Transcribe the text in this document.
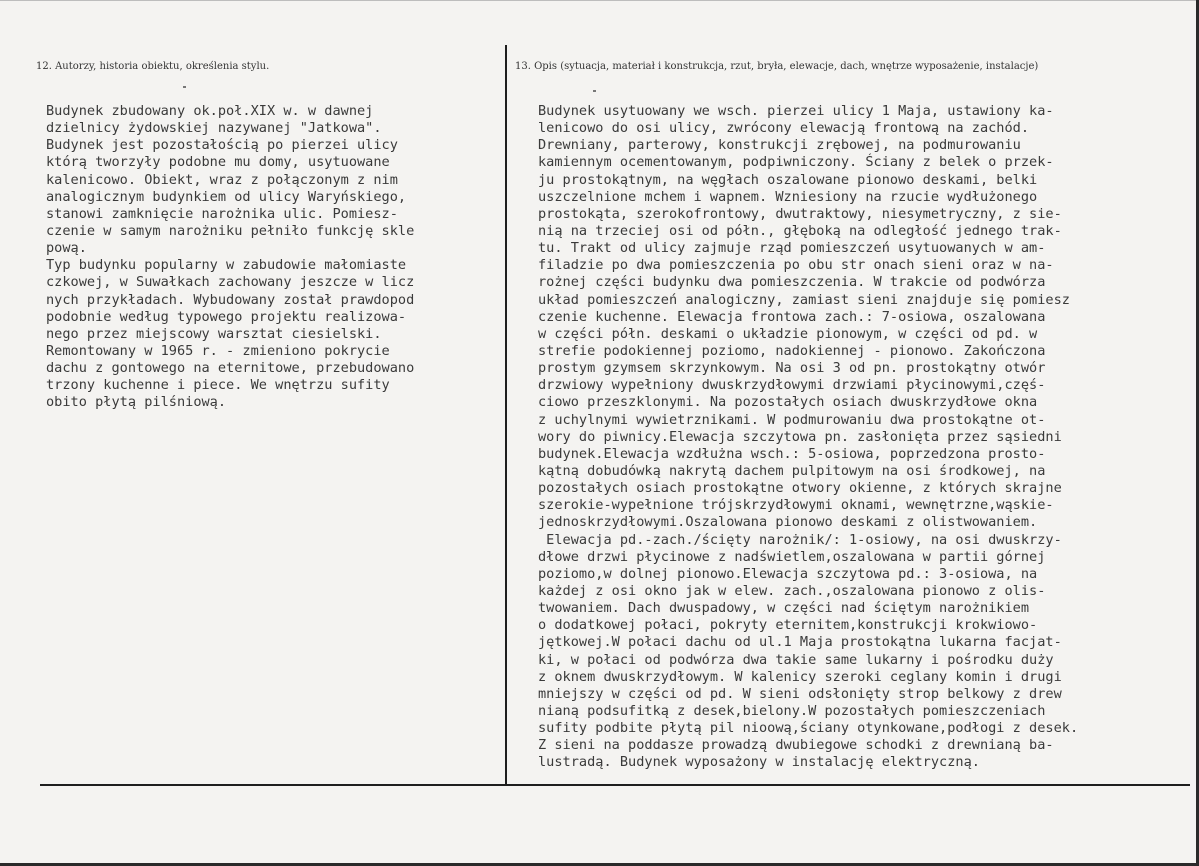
12. Autorzy, historia obiektu, określenia stylu.	13. Opis (sytuacja, materiał i konstrukcja, rzut, bryła, elewacje, dach, wnętrze wyposażenie, instalacje)
Budynek zbudowany ok.poł.XIX w. w dawnej
dzielnicy żydowskiej nazywanej "Jatkowa".
Budynek jest pozostałością po pierzei ulicy
którą tworzyły podobne mu domy, usytuowane
kalenicowo. Obiekt, wraz z połączonym z nim
analogicznym budynkiem od ulicy Waryńskiego,
stanowi zamknięcie narożnika ulic. Pomiesz-
czenie w samym narożniku pełniło funkcję skle
pową.
Typ budynku popularny w zabudowie małomiaste
czkowej, w Suwałkach zachowany jeszcze w licz
nych przykładach. Wybudowany został prawdopod
podobnie według typowego projektu realizowa-
nego przez miejscowy warsztat ciesielski.
Remontowany w 1965 r. - zmieniono pokrycie
dachu z gontowego na eternitowe, przebudowano
trzony kuchenne i piece. We wnętrzu sufity
obito płytą pilśniową.
Budynek usytuowany we wsch. pierzei ulicy 1 Maja, ustawiony ka-
lenicowo do osi ulicy, zwrócony elewacją frontową na zachód.
Drewniany, parterowy, konstrukcji zrębowej, na podmurowaniu
kamiennym ocementowanym, podpiwniczony. Ściany z belek o przek-
ju prostokątnym, na węgłach oszalowane pionowo deskami, belki
uszczelnione mchem i wapnem. Wzniesiony na rzucie wydłużonego
prostokąta, szerokofrontowy, dwutraktowy, niesymetryczny, z sie-
nią na trzeciej osi od półn., głęboką na odległość jednego trak-
tu. Trakt od ulicy zajmuje rząd pomieszczeń usytuowanych w am-
filadzie po dwa pomieszczenia po obu str onach sieni oraz w na-
rożnej części budynku dwa pomieszczenia. W trakcie od podwórza
układ pomieszczeń analogiczny, zamiast sieni znajduje się pomiesz
czenie kuchenne. Elewacja frontowa zach.: 7-osiowa, oszalowana
w części półn. deskami o układzie pionowym, w części od pd. w
strefie podokiennej poziomo, nadokiennej - pionowo. Zakończona
prostym gzymsem skrzynkowym. Na osi 3 od pn. prostokątny otwór
drzwiowy wypełniony dwuskrzydłowymi drzwiami płycinowymi,częś-
ciowo przeszklonymi. Na pozostałych osiach dwuskrzydłowe okna
z uchylnymi wywietrznikami. W podmurowaniu dwa prostokątne ot-
wory do piwnicy.Elewacja szczytowa pn. zasłonięta przez sąsiedni
budynek.Elewacja wzdłużna wsch.: 5-osiowa, poprzedzona prosto-
kątną dobudówką nakrytą dachem pulpitowym na osi środkowej, na
pozostałych osiach prostokątne otwory okienne, z których skrajne
szerokie-wypełnione trójskrzydłowymi oknami, wewnętrzne,wąskie-
jednoskrzydłowymi.Oszalowana pionowo deskami z olistwowaniem.
Elewacja pd.-zach./ścięty narożnik/: 1-osiowy, na osi dwuskrzy-
dłowe drzwi płycinowe z nadświetlem,oszalowana w partii górnej
poziomo,w dolnej pionowo.Elewacja szczytowa pd.: 3-osiowa, na
każdej z osi okno jak w elew. zach.,oszalowana pionowo z olis-
twowaniem. Dach dwuspadowy, w części nad ściętym narożnikiem
o dodatkowej połaci, pokryty eternitem,konstrukcji krokwiowo-
jętkowej.W połaci dachu od ul.1 Maja prostokątna lukarna facjat-
ki, w połaci od podwórza dwa takie same lukarny i pośrodku duży
z oknem dwuskrzydłowym. W kalenicy szeroki ceglany komin i drugi
mniejszy w części od pd. W sieni odsłonięty strop belkowy z drew
nianą podsufitką z desek,bielony.W pozostałych pomieszczeniach
sufity podbite płytą pil nioową,ściany otynkowane,podłogi z desek.
Z sieni na poddasze prowadzą dwubiegowe schodki z drewnianą ba-
lustradą. Budynek wyposażony w instalację elektryczną.
